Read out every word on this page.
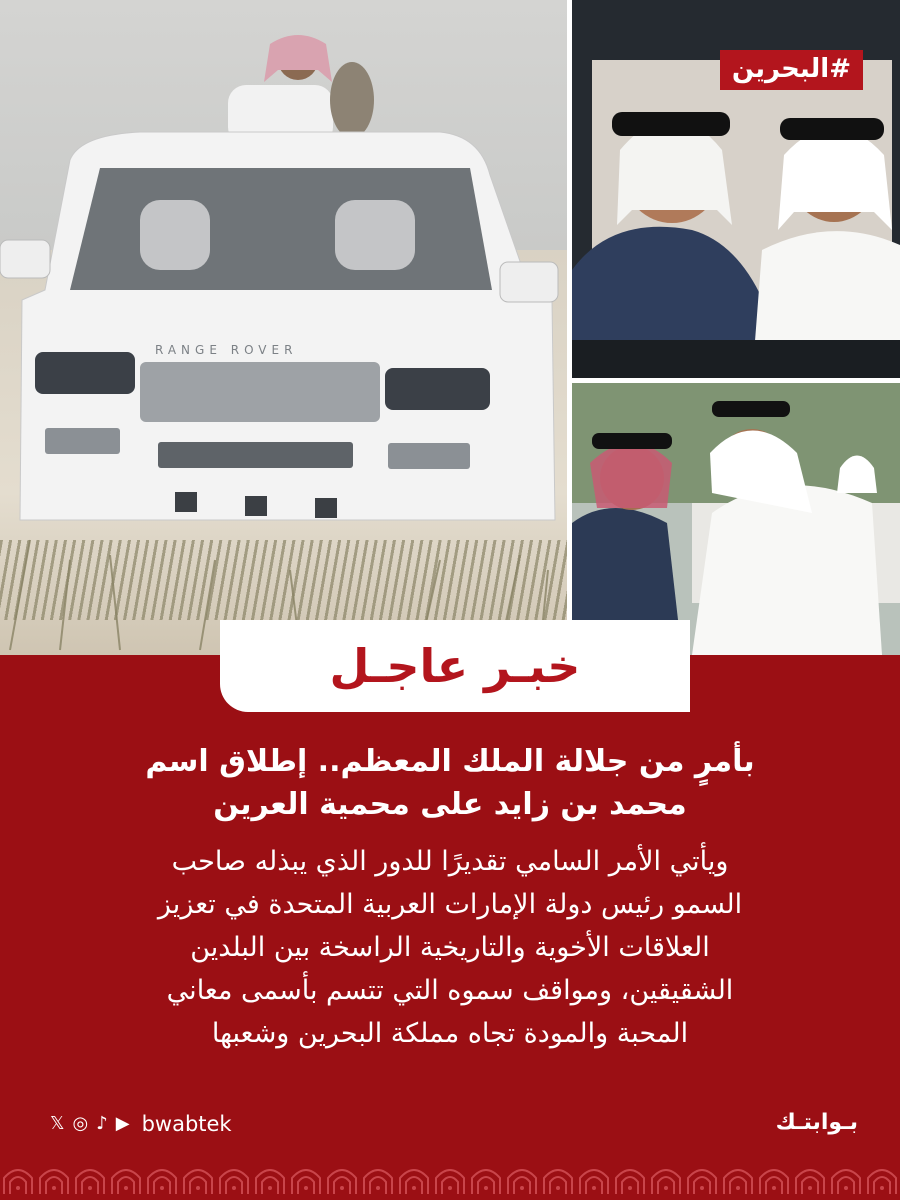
RANGE ROVER
#البحرين
خبـر عاجـل
بأمرٍ من جلالة الملك المعظم.. إطلاق اسم
محمد بن زايد على محمية العرين

ويأتي الأمر السامي تقديرًا للدور الذي يبذله صاحب
السمو رئيس دولة الإمارات العربية المتحدة في تعزيز
العلاقات الأخوية والتاريخية الراسخة بين البلدين
الشقيقين، ومواقف سموه التي تتسم بأسمى معاني
المحبة والمودة تجاه مملكة البحرين وشعبها

𝕏 ◎ ♪ ▶ bwabtek	بـوابتـك
